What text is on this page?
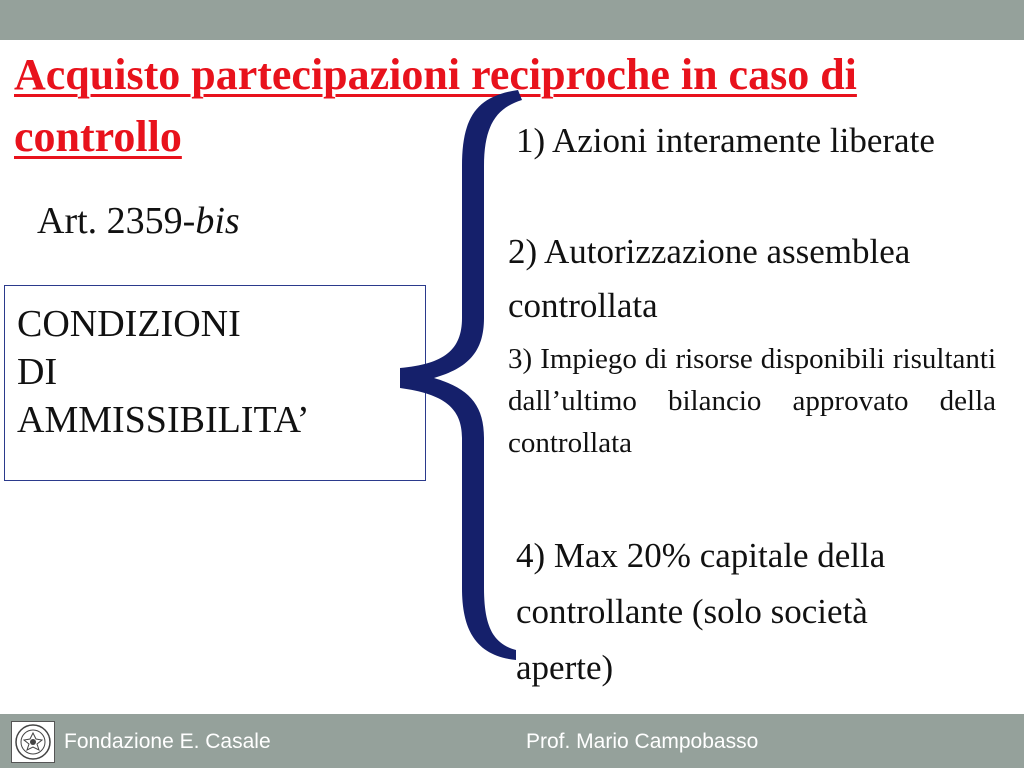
Acquisto partecipazioni reciproche in caso di controllo
Art. 2359-bis
CONDIZIONI
DI
AMMISSIBILITA’

1) Azioni interamente liberate

2) Autorizzazione assemblea controllata

3) Impiego di risorse disponibili risultanti dall’ultimo bilancio approvato della controllata

4) Max 20% capitale della controllante (solo società aperte)

Fondazione E. Casale	Prof. Mario Campobasso
